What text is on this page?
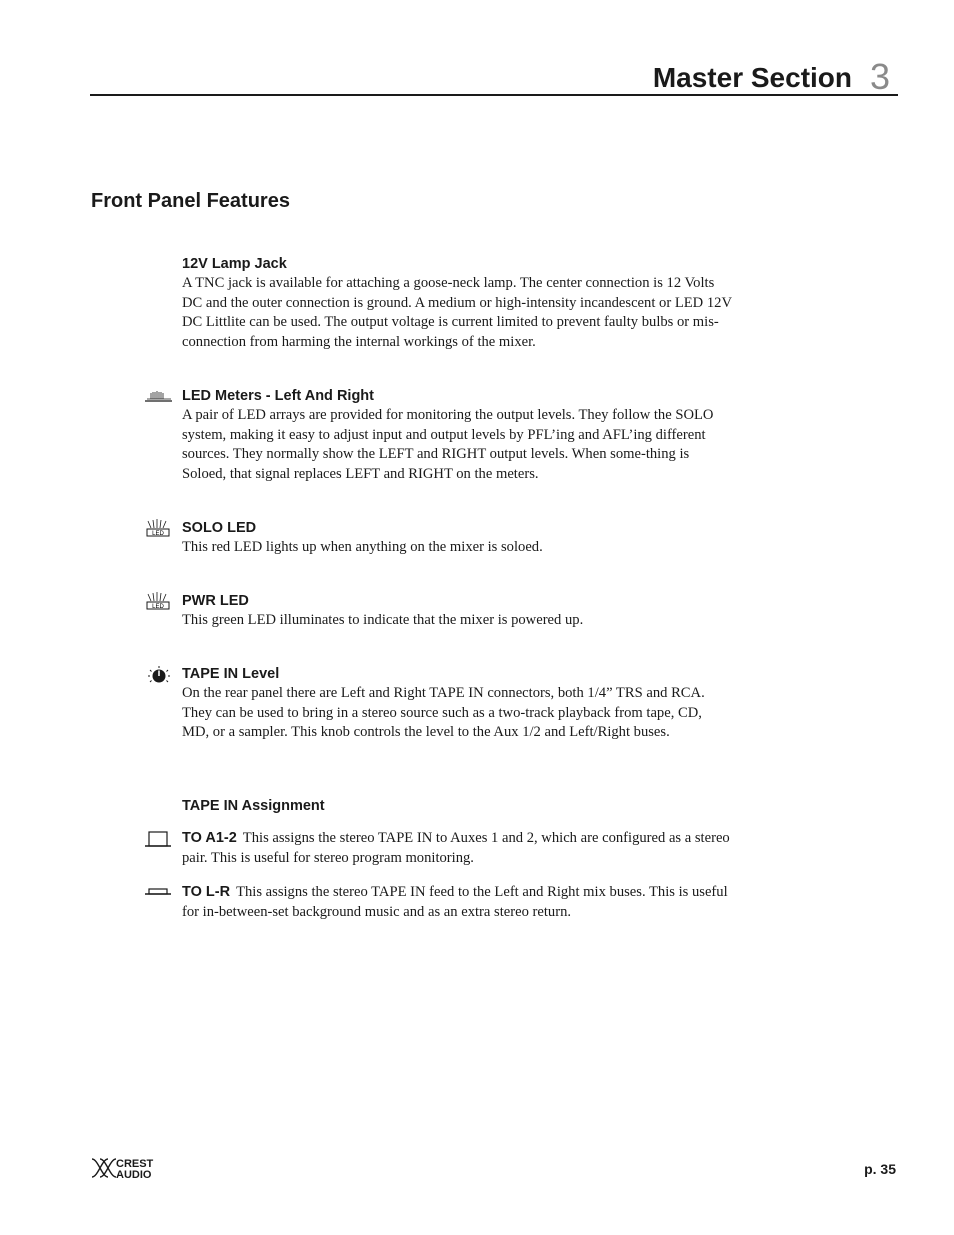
Master Section 3
Front Panel Features
12V Lamp Jack
A TNC jack is available for attaching a goose-neck lamp. The center connection is 12 Volts DC and the outer connection is ground. A medium or high-intensity incandescent or LED 12V DC Littlite can be used. The output voltage is current limited to prevent faulty bulbs or mis-connection from harming the internal workings of the mixer.
LED Meters - Left And Right
A pair of LED arrays are provided for monitoring the output levels. They follow the SOLO system, making it easy to adjust input and output levels by PFL’ing and AFL’ing different sources. They normally show the LEFT and RIGHT output levels. When some-thing is Soloed, that signal replaces LEFT and RIGHT on the meters.
LED SOLO LED
This red LED lights up when anything on the mixer is soloed.
LED PWR LED
This green LED illuminates to indicate that the mixer is powered up.
TAPE IN Level
On the rear panel there are Left and Right TAPE IN connectors, both 1/4” TRS and RCA. They can be used to bring in a stereo source such as a two-track playback from tape, CD, MD, or a sampler. This knob controls the level to the Aux 1/2 and Left/Right buses.
TAPE IN Assignment
TO A1-2 This assigns the stereo TAPE IN to Auxes 1 and 2, which are configured as a stereo pair. This is useful for stereo program monitoring.
TO L-R This assigns the stereo TAPE IN feed to the Left and Right mix buses. This is useful for in-between-set background music and as an extra stereo return.
CREST
AUDIO	p. 35
